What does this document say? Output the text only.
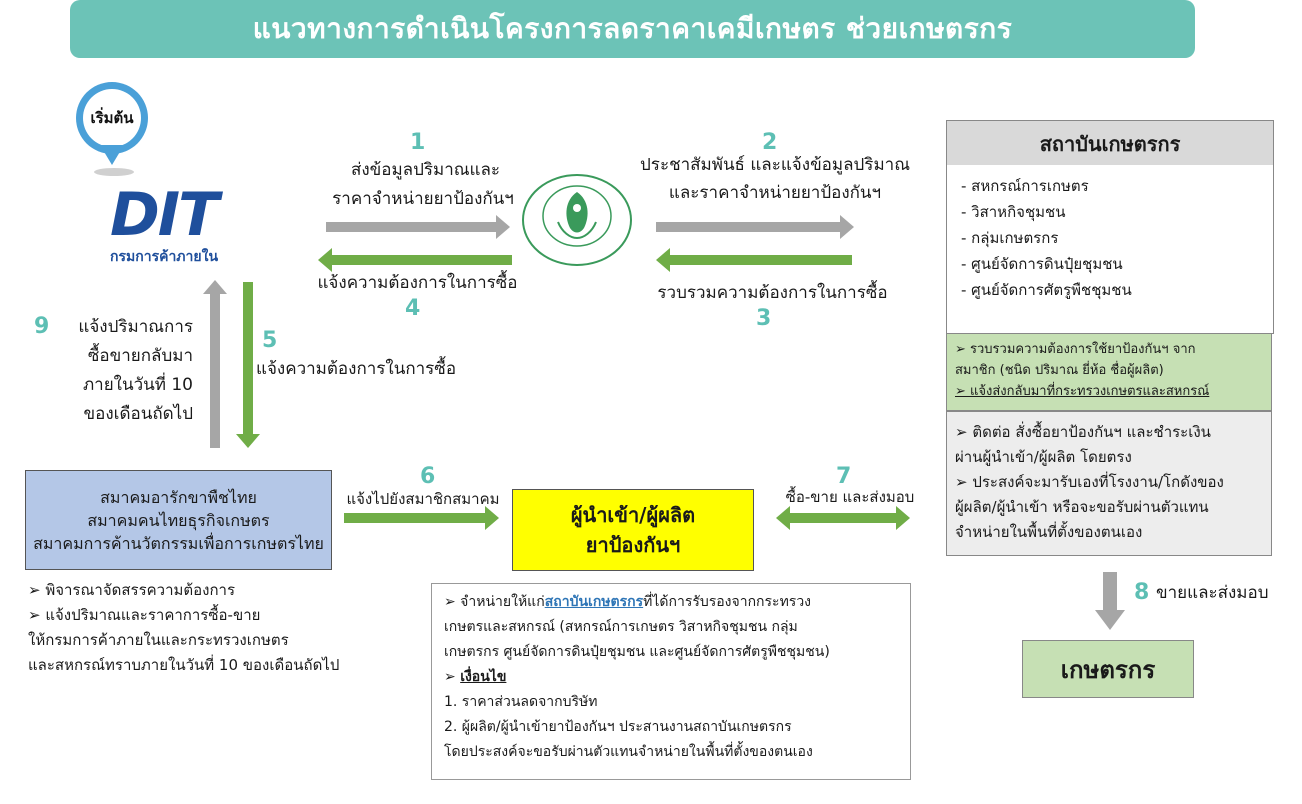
แนวทางการดำเนินโครงการลดราคาเคมีเกษตร ช่วยเกษตรกร
เริ่มต้น
DIT
กรมการค้าภายใน
1
ส่งข้อมูลปริมาณและ
ราคาจำหน่ายยาป้องกันฯ
แจ้งความต้องการในการซื้อ
4
2
ประชาสัมพันธ์ และแจ้งข้อมูลปริมาณ
และราคาจำหน่ายยาป้องกันฯ
รวบรวมความต้องการในการซื้อ
3
9	แจ้งปริมาณการ
ซื้อขายกลับมา
ภายในวันที่ 10
ของเดือนถัดไป
5
แจ้งความต้องการในการซื้อ
สมาคมอารักขาพืชไทย
สมาคมคนไทยธุรกิจเกษตร
สมาคมการค้านวัตกรรมเพื่อการเกษตรไทย
➢ พิจารณาจัดสรรความต้องการ
➢ แจ้งปริมาณและราคาการซื้อ-ขาย
ให้กรมการค้าภายในและกระทรวงเกษตร
และสหกรณ์ทราบภายในวันที่ 10 ของเดือนถัดไป
6
แจ้งไปยังสมาชิกสมาคม
ผู้นำเข้า/ผู้ผลิต
ยาป้องกันฯ
7
ซื้อ-ขาย และส่งมอบ
สถาบันเกษตรกร
- สหกรณ์การเกษตร
- วิสาหกิจชุมชน
- กลุ่มเกษตรกร
- ศูนย์จัดการดินปุ๋ยชุมชน
- ศูนย์จัดการศัตรูพืชชุมชน
➢ รวบรวมความต้องการใช้ยาป้องกันฯ จาก
สมาชิก (ชนิด ปริมาณ ยี่ห้อ ชื่อผู้ผลิต)
➢ แจ้งส่งกลับมาที่กระทรวงเกษตรและสหกรณ์
➢ ติดต่อ สั่งซื้อยาป้องกันฯ และชำระเงิน
ผ่านผู้นำเข้า/ผู้ผลิต โดยตรง
➢ ประสงค์จะมารับเองที่โรงงาน/โกดังของ
ผู้ผลิต/ผู้นำเข้า หรือจะขอรับผ่านตัวแทน
จำหน่ายในพื้นที่ตั้งของตนเอง
8 ขายและส่งมอบ
เกษตรกร
➢ จำหน่ายให้แก่สถาบันเกษตรกรที่ได้การรับรองจากกระทรวง
เกษตรและสหกรณ์ (สหกรณ์การเกษตร วิสาหกิจชุมชน กลุ่ม
เกษตรกร ศูนย์จัดการดินปุ๋ยชุมชน และศูนย์จัดการศัตรูพืชชุมชน)
➢ เงื่อนไข
1. ราคาส่วนลดจากบริษัท
2. ผู้ผลิต/ผู้นำเข้ายาป้องกันฯ ประสานงานสถาบันเกษตรกร
โดยประสงค์จะขอรับผ่านตัวแทนจำหน่ายในพื้นที่ตั้งของตนเอง
